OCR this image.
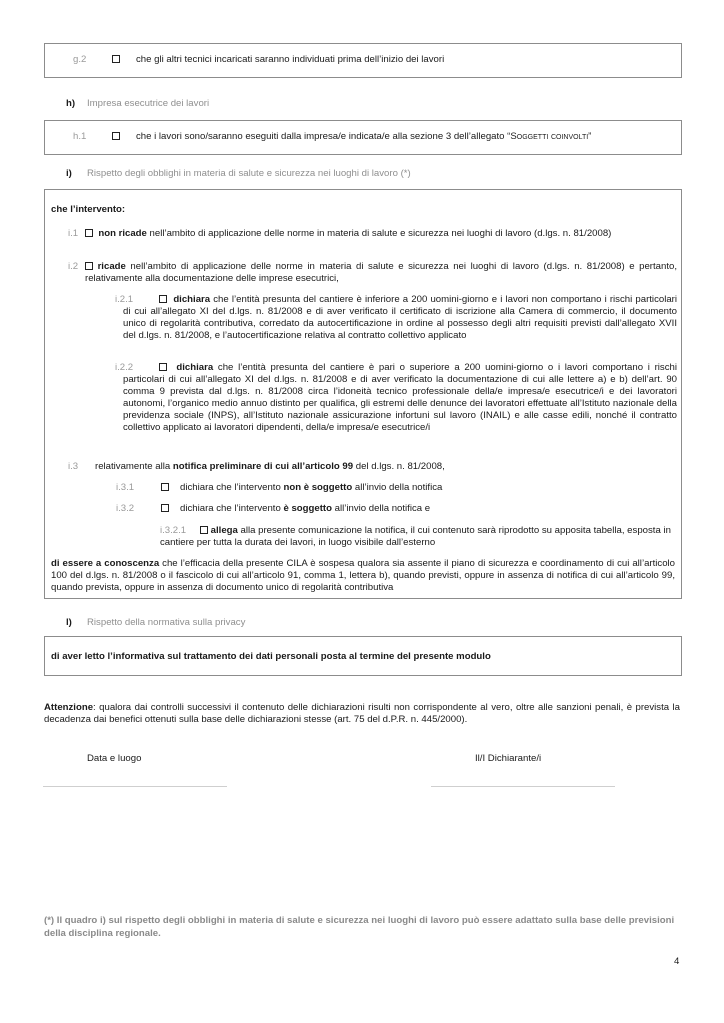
g.2	che gli altri tecnici incaricati saranno individuati prima dell’inizio dei lavori
h) Impresa esecutrice dei lavori
h.1	che i lavori sono/saranno eseguiti dalla impresa/e indicata/e alla sezione 3 dell’allegato “Soggetti coinvolti”
i) Rispetto degli obblighi in materia di salute e sicurezza nei luoghi di lavoro (*)
che l’intervento:
i.1	non ricade nell’ambito di applicazione delle norme in materia di salute e sicurezza nei luoghi di lavoro (d.lgs. n. 81/2008)
i.2	ricade nell’ambito di applicazione delle norme in materia di salute e sicurezza nei luoghi di lavoro (d.lgs. n. 81/2008) e pertanto, relativamente alla documentazione delle imprese esecutrici,
i.2.1	dichiara che l’entità presunta del cantiere è inferiore a 200 uomini-giorno e i lavori non comportano i rischi particolari di cui all’allegato XI del d.lgs. n. 81/2008 e di aver verificato il certificato di iscrizione alla Camera di commercio, il documento unico di regolarità contributiva, corredato da autocertificazione in ordine al possesso degli altri requisiti previsti dall’allegato XVII del d.lgs. n. 81/2008, e l’autocertificazione relativa al contratto collettivo applicato
i.2.2	dichiara che l’entità presunta del cantiere è pari o superiore a 200 uomini-giorno o i lavori comportano i rischi particolari di cui all’allegato XI del d.lgs. n. 81/2008 e di aver verificato la documentazione di cui alle lettere a) e b) dell’art. 90 comma 9 prevista dal d.lgs. n. 81/2008 circa l’idoneità tecnico professionale della/e impresa/e esecutrice/i e dei lavoratori autonomi, l’organico medio annuo distinto per qualifica, gli estremi delle denunce dei lavoratori effettuate all’Istituto nazionale della previdenza sociale (INPS), all’Istituto nazionale assicurazione infortuni sul lavoro (INAIL) e alle casse edili, nonché il contratto collettivo applicato ai lavoratori dipendenti, della/e impresa/e esecutrice/i
i.3 relativamente alla notifica preliminare di cui all’articolo 99 del d.lgs. n. 81/2008,
i.3.1	dichiara che l’intervento non è soggetto all’invio della notifica
i.3.2	dichiara che l’intervento è soggetto all’invio della notifica e
i.3.2.1	allega alla presente comunicazione la notifica, il cui contenuto sarà riprodotto su apposita tabella, esposta in cantiere per tutta la durata dei lavori, in luogo visibile dall’esterno
di essere a conoscenza che l’efficacia della presente CILA è sospesa qualora sia assente il piano di sicurezza e coordinamento di cui all’articolo 100 del d.lgs. n. 81/2008 o il fascicolo di cui all’articolo 91, comma 1, lettera b), quando previsti, oppure in assenza di notifica di cui all’articolo 99, quando prevista, oppure in assenza di documento unico di regolarità contributiva
l) Rispetto della normativa sulla privacy
di aver letto l’informativa sul trattamento dei dati personali posta al termine del presente modulo
Attenzione: qualora dai controlli successivi il contenuto delle dichiarazioni risulti non corrispondente al vero, oltre alle sanzioni penali, è prevista la decadenza dai benefici ottenuti sulla base delle dichiarazioni stesse (art. 75 del d.P.R. n. 445/2000).
Data e luogo	Il/I Dichiarante/i
(*) Il quadro i) sul rispetto degli obblighi in materia di salute e sicurezza nei luoghi di lavoro può essere adattato sulla base delle previsioni della disciplina regionale.
4
